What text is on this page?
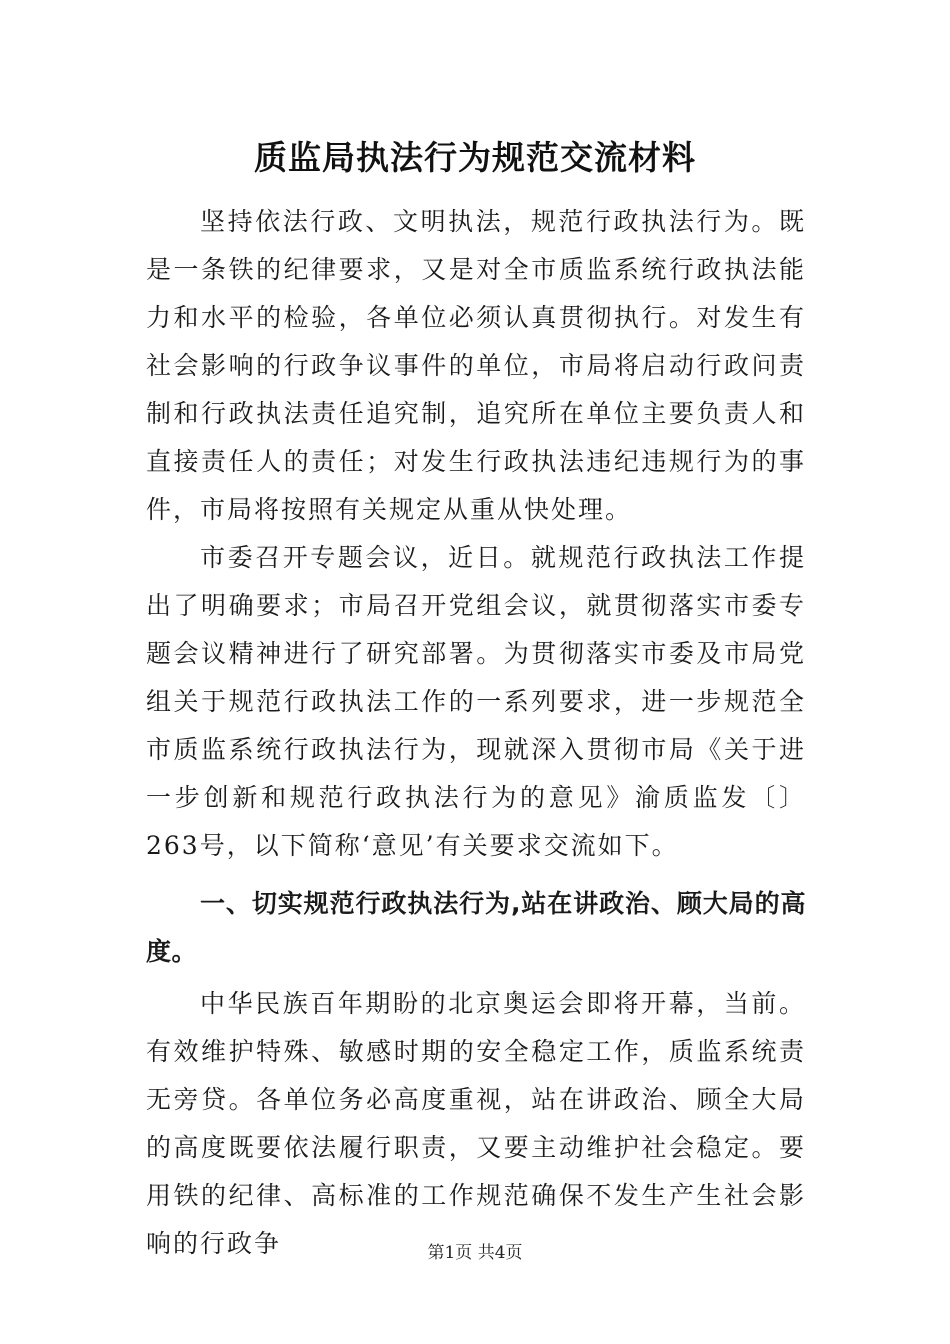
质监局执法行为规范交流材料

坚持依法行政、文明执法，规范行政执法行为。既是一条铁的纪律要求，又是对全市质监系统行政执法能力和水平的检验，各单位必须认真贯彻执行。对发生有社会影响的行政争议事件的单位，市局将启动行政问责制和行政执法责任追究制，追究所在单位主要负责人和直接责任人的责任；对发生行政执法违纪违规行为的事件，市局将按照有关规定从重从快处理。

市委召开专题会议，近日。就规范行政执法工作提出了明确要求；市局召开党组会议，就贯彻落实市委专题会议精神进行了研究部署。为贯彻落实市委及市局党组关于规范行政执法工作的一系列要求，进一步规范全市质监系统行政执法行为，现就深入贯彻市局《关于进一步创新和规范行政执法行为的意见》渝质监发〔〕263号，以下简称‘意见’有关要求交流如下。

一、切实规范行政执法行为,站在讲政治、顾大局的高度。

中华民族百年期盼的北京奥运会即将开幕，当前。有效维护特殊、敏感时期的安全稳定工作，质监系统责无旁贷。各单位务必高度重视，站在讲政治、顾全大局的高度既要依法履行职责，又要主动维护社会稳定。要用铁的纪律、高标准的工作规范确保不发生产生社会影响的行政争	第1页 共4页
